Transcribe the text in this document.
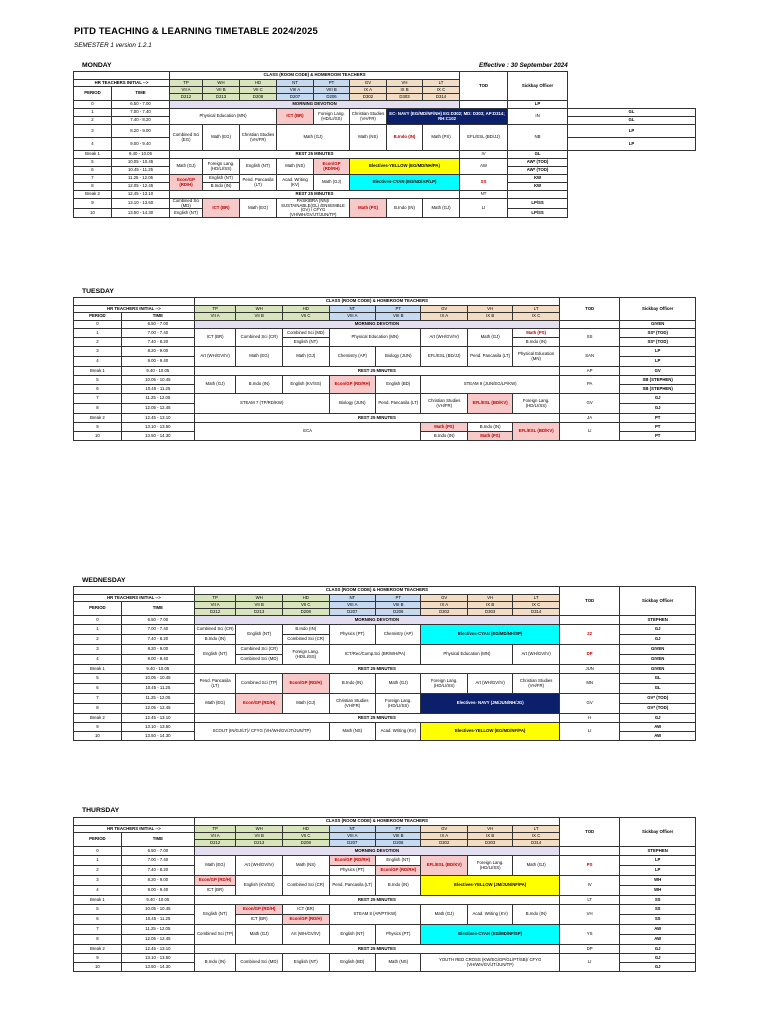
PITD TEACHING & LEARNING TIMETABLE 2024/2025
SEMESTER 1 version 1.2.1
MONDAY	Effective : 30 September 2024
		CLASS (ROOM CODE) & HOMEROOM TEACHERS								TOD	Sickbay Officer	
HR TEACHERS INITIAL -->		TP	WH	HD	NT	PT	GV	VH	LT			
PERIOD	TIME	VII A	VII B	VII C	VIII A	VIII B	IX A	IX B	IX C			
		D212	D213	D208	D207	D206	D302	D303	D314			
0	6.50 - 7.00	MORNING DEVOTION									LP	
1	7.00 - 7.40	Physical Education (MN)			ICT (BR)	Foreign Lang. (HD/LI/SS)	Christian Studies (VH/FR)	EC- NAVY (EG/MD/NF/NH) EG:D302; MD: D303; AP:D314; RH:C102			IN	GL
2	7.40 - 8.20											GL
3	8.20 - 9.00	Combined Sci (EG)	Math (EG)	Christian Studies (VH/FR)	Math (GJ)		Math (NS)	B.Indo (IN)	Math (PS)	EFL/ESL (BD/JJ)	NB	LP
4	9.00 - 9.40											LP
Break 1	9.40 - 10.05	REST 25 MINUTES								IV	GL	
5	10.05 - 10.45	Math (GJ)	Foreign Lang. (HD/LI/SS)	English (NT)	Math (NS)	Econ/GP (RD/RH)	Electives-YELLOW (EG/MD/NH/PA)			AW	AW* (TOD)	
6	10.45 - 11.25										AW* (TOD)	
7	11.25 - 12.05	Econ/GP (RD/H)	English (NT)	Pend. Pancasila (LT)	Acad. Writing (KV)	Math (GJ)	Electives-CYAN (EG/MD/AP/LP)			SS	KW	
8	12.05 - 12.45		B.Indo (IN)								KW	
Break 2	12.45 - 13.10	REST 25 MINUTES								NT		
9	13.10 - 13.50	Combined Sci (MD)	ICT (BR)	Math (EG)	PASKIBRA (NN)/ SUSTAINABLE(GL) /ENSEMBLE (GV) / CFYG (VH/WH/GV/JT/JUN/TP)		Math (PS)	B.Indo (IN)	Math (GJ)	LI	LP/SS	
10	13.50 - 14.30	English (NT)									LP/SS	
TUESDAY
		CLASS (ROOM CODE) & HOMEROOM TEACHERS								TOD	Sickbay Officer
HR TEACHERS INITIAL -->		TP	WH	HD	NT	PT	GV	VH	LT		
PERIOD	TIME	VII A	VII B	VII C	VIII A	VIII B	IX A	IX B	IX C		
0	6.50 - 7.00	MORNING DEVOTION									GIVEN
1	7.00 - 7.40	ICT (BR)	Combined Sci (CR)	Combined Sci (MD)	Physical Education (MN)		Art (WH/GV/IV)	Math (GJ)	Math (PS)	SS	SS* (TOD)
2	7.40 - 8.20			English (NT)					B.Indo (IN)		SS* (TOD)
3	8.20 - 9.00	Art (WH/GV/IV)	Math (EG)	Math (GJ)	Chemistry (AP)	Biology (JUN)	EFL/ESL (BD/JJ)	Pend. Pancasila (LT)	Physical Education (MN)	SAN	LP
4	9.00 - 9.40										LP
Break 1	9.40 - 10.05	REST 25 MINUTES								AP	GV
5	10.05 - 10.45	Math (GJ)	B.Indo (IN)	English (KV/SS)	Econ/GP (RD/RH)	English (BD)	STEAM 9 (JUN/EG/LP/KW)			PA	SB (STEPHEN)
6	10.45 - 11.25										SB (STEPHEN)
7	11.25 - 12.05	STEAM 7 (TP/RD/KW)			Biology (JUN)	Pend. Pancasila (LT)	Christian Studies (VH/FR)	EFL/ESL (BD/KV)	Foreign Lang. (HD/LI/SS)	GV	GJ
8	12.05 - 12.45										GJ
Break 2	12.45 - 13.10	REST 25 MINUTES								JA	PT
9	13.10 - 13.50	ECA					Math (PS)	B.Indo (IN)	EFL/ESL (BD/KV)	LI	PT
10	13.50 - 14.30						B.Indo (IN)	Math (PS)			PT
WEDNESDAY
		CLASS (ROOM CODE) & HOMEROOM TEACHERS								TOD	Sickbay Officer
HR TEACHERS INITIAL -->		TP	WH	HD	NT	PT	GV	VH	LT		
PERIOD	TIME	VII A	VII B	VII C	VIII A	VIII B	IX A	IX B	IX C		
		D212	D213	D208	D207	D206	D302	D303	D314		
0	6.50 - 7.00	MORNING DEVOTION									STEPHEN
1	7.00 - 7.40	Combined Sci (CR)	English (NT)	B.Indo (IN)	Physics (PT)	Chemistry (AP)	Electives-CYAN (EG/MD/NH/SP)			22	GJ
2	7.40 - 8.20	B.Indo (IN)		Combined Sci (CR)							GJ
3	8.20 - 9.00	English (NT)	Combined Sci (CR)	Foreign Lang. (HD/LI/SS)	ICT/Rec/Comp.Sci (BR/WH/PA)		Physical Education (MN)		Art (WH/GV/IV)	DP	GIVEN
4	9.00 - 9.40		Combined Sci (MD)								GIVEN
Break 1	9.40 - 10.05	REST 25 MINUTES								JUN	GIVEN
5	10.05 - 10.45	Pend. Pancasila (LT)	Combined Sci (TP)	Econ/GP (RD/H)	B.Indo (IN)	Math (GJ)	Foreign Lang. (HD/LI/SS)	Art (WH/GV/IV)	Christian Studies (VH/FR)	MN	GL
6	10.45 - 11.25										GL
7	11.25 - 12.05	Math (EG)	Econ/GP (RD/H)	Math (GJ)	Christian Studies (VH/FR)	Foreign Lang. (HD/LI/SS)	Electives- NAVY (JM/JUN/NH/JG)			GV	GV* (TOD)
8	12.05 - 12.45										GV* (TOD)
Break 2	12.45 - 13.10	REST 25 MINUTES								H	GJ
9	13.10 - 13.50	SCOUT (IN/GJ/LT)/ CFYG (VH/WH/GV/JT/JUN/TP)			Math (NS)	Acad. Writing (KV)	Electives-YELLOW (EG/MD/NF/PA)			LI	AW
10	13.50 - 14.30										AW
THURSDAY
		CLASS (ROOM CODE) & HOMEROOM TEACHERS								TOD	Sickbay Officer
HR TEACHERS INITIAL -->		TP	WH	HD	NT	PT	GV	VH	LT		
PERIOD	TIME	VII A	VII B	VII C	VIII A	VIII B	IX A	IX B	IX C		
		D212	D213	D208	D207	D206	D302	D303	D314		
0	6.50 - 7.00	MORNING DEVOTION									STEPHEN
1	7.00 - 7.40	Math (EG)	Art (WH/GV/IV)	Math (NS)	Econ/GP (RD/RH)	English (NT)	EFL/ESL (BD/KV)	Foreign Lang. (HD/LI/SS)	Math (GJ)	PS	LP
2	7.40 - 8.20				Physics (PT)	Econ/GP (RD/RH)					LP
3	8.20 - 9.00	Econ/GP (RD/H)	English (KV/SS)	Combined Sci (CR)	Pend. Pancasila (LT)	B.Indo (IN)	Electives-YELLOW (JM/JUN/NF/PA)			IV	WH
4	9.00 - 9.40	ICT (BR)									WH
Break 1	9.40 - 10.05	REST 25 MINUTES								LT	SS
5	10.05 - 10.45	English (NT)	Econ/GP (RD/H)	ICT (BR)	STEAM 8 (AP/PT/KW)		Math (GJ)	Acad. Writing (KV)	B.Indo (IN)	VH	SS
6	10.45 - 11.25		ICT (BR)	Econ/GP (RD/H)							SS
7	11.25 - 12.05	Combined Sci (TP)	Math (GJ)	Art (WH/GV/IV)	English (NT)	Physics (PT)	Electives-CYAN (EG/MD/NF/SP)			YS	AW
8	12.05 - 12.45										AW
Break 2	12.45 - 13.10	REST 25 MINUTES								DP	GJ
9	13.10 - 13.50	B.Indo (IN)	Combined Sci (MD)	English (NT)	English (BD)	Math (NS)	YOUTH RED CROSS (KW/EG/GP/GL/PT/SB)/ CFYG (VH/WH/GV/JT/JUN/TP)			LI	GJ
10	13.50 - 14.30										GJ
